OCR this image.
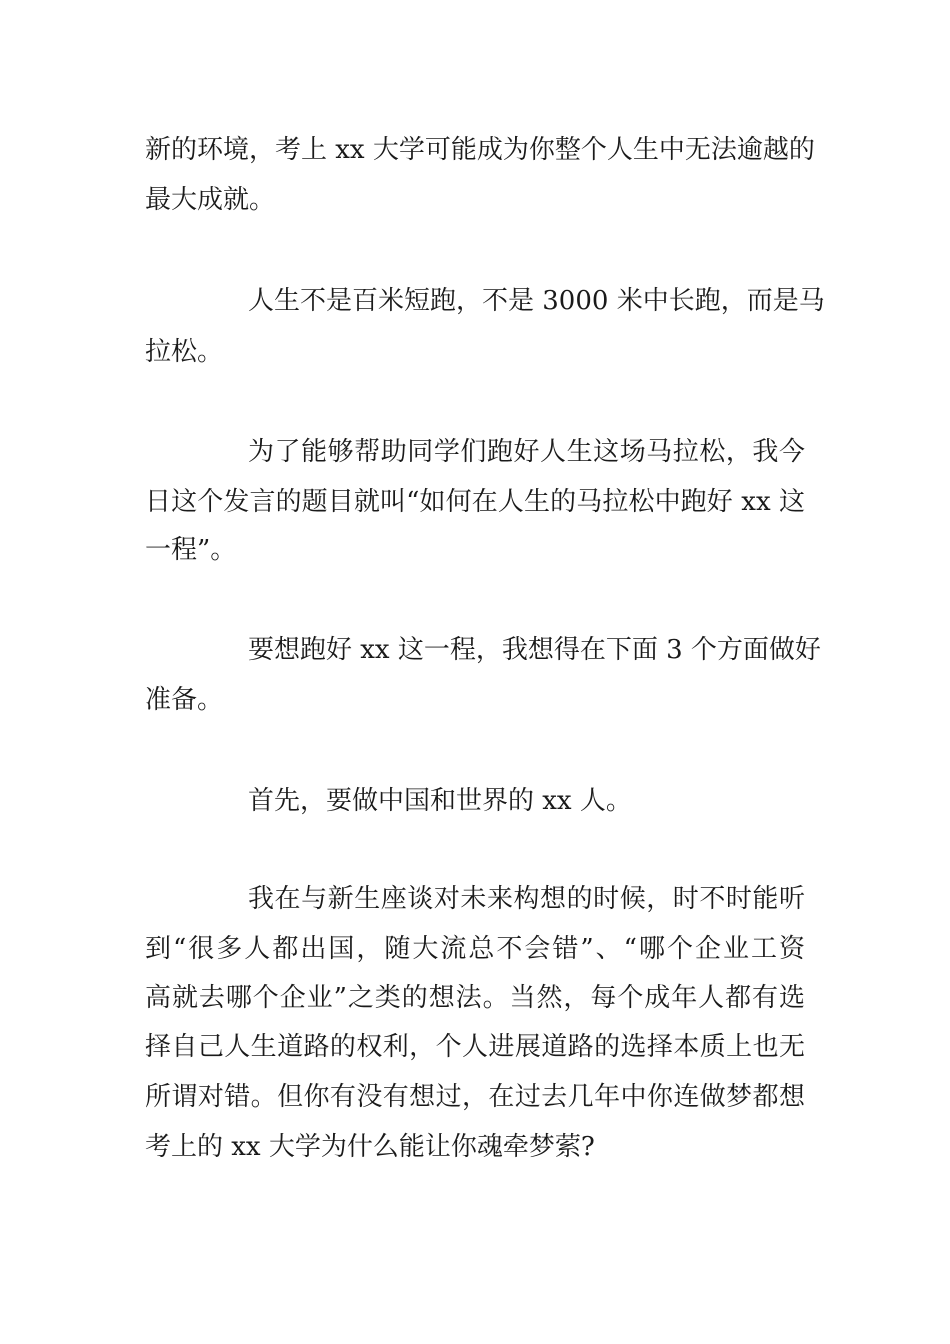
新的环境，考上 xx 大学可能成为你整个人生中无法逾越的
最大成就。
人生不是百米短跑，不是 3000 米中长跑，而是马
拉松。
为了能够帮助同学们跑好人生这场马拉松，我今
日这个发言的题目就叫“如何在人生的马拉松中跑好 xx 这
一程”。
要想跑好 xx 这一程，我想得在下面 3 个方面做好
准备。
首先，要做中国和世界的 xx 人。
我在与新生座谈对未来构想的时候，时不时能听
到“很多人都出国，随大流总不会错”、“哪个企业工资
高就去哪个企业”之类的想法。当然，每个成年人都有选
择自己人生道路的权利，个人进展道路的选择本质上也无
所谓对错。但你有没有想过，在过去几年中你连做梦都想
考上的 xx 大学为什么能让你魂牵梦萦?
